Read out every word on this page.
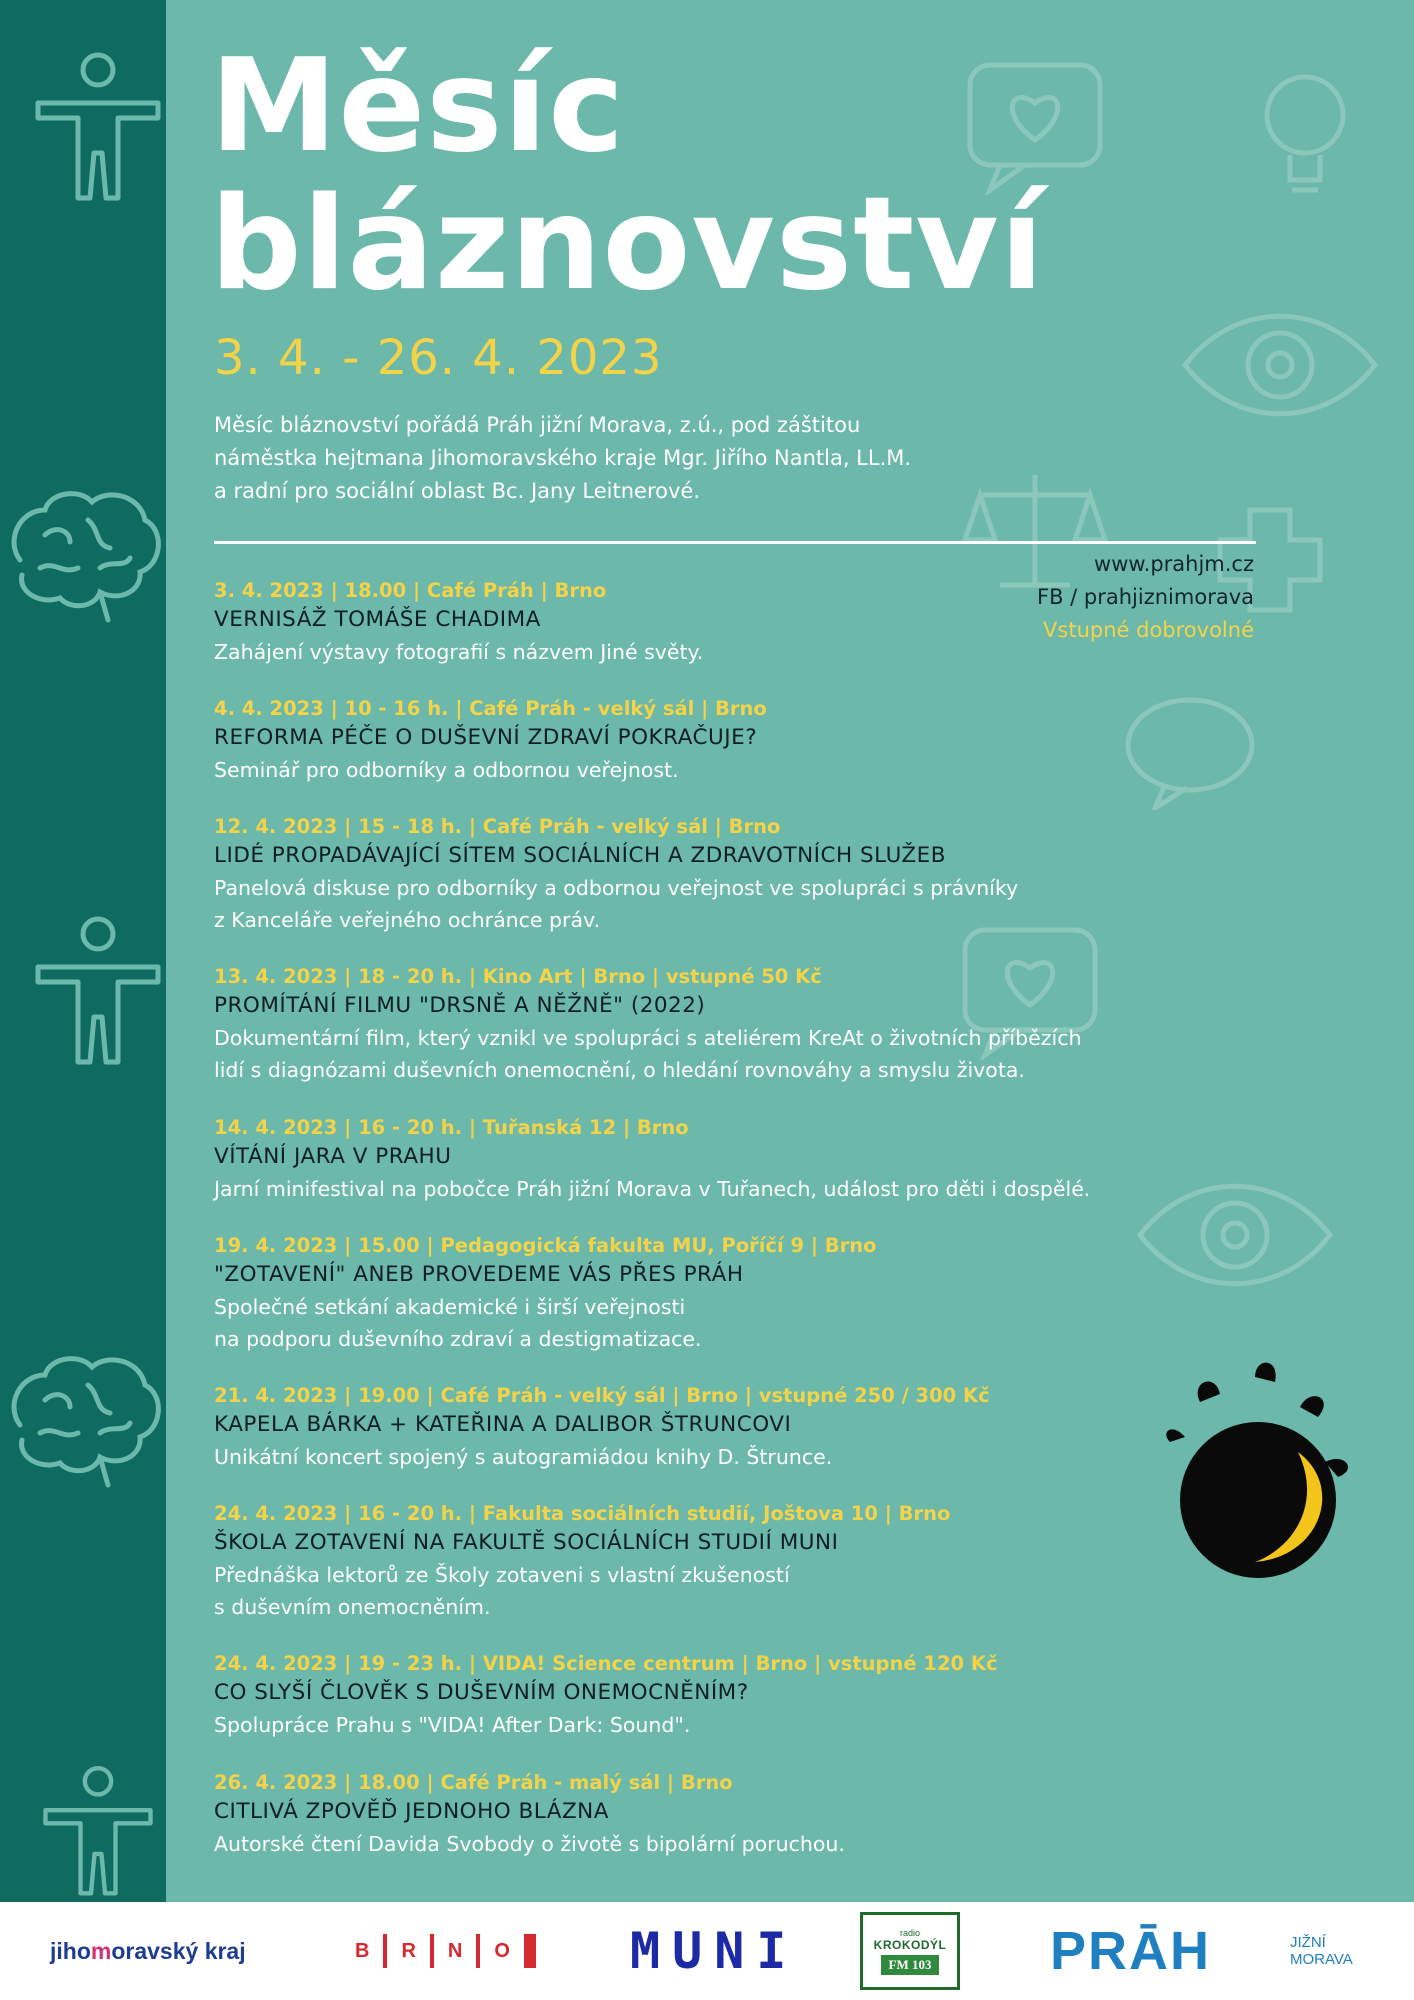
Měsíc
bláznovství
3. 4. - 26. 4. 2023

Měsíc bláznovství pořádá Práh jižní Morava, z.ú., pod záštitou
náměstka hejtmana Jihomoravského kraje Mgr. Jiřího Nantla, LL.M.
a radní pro sociální oblast Bc. Jany Leitnerové.

www.prahjm.cz
FB / prahjiznimorava
Vstupné dobrovolné
3. 4. 2023 | 18.00 | Café Práh | Brno
VERNISÁŽ TOMÁŠE CHADIMA
Zahájení výstavy fotografií s názvem Jiné světy.
4. 4. 2023 | 10 - 16 h. | Café Práh - velký sál | Brno
REFORMA PÉČE O DUŠEVNÍ ZDRAVÍ POKRAČUJE?
Seminář pro odborníky a odbornou veřejnost.
12. 4. 2023 | 15 - 18 h. | Café Práh - velký sál | Brno
LIDÉ PROPADÁVAJÍCÍ SÍTEM SOCIÁLNÍCH A ZDRAVOTNÍCH SLUŽEB
Panelová diskuse pro odborníky a odbornou veřejnost ve spolupráci s právníky
z Kanceláře veřejného ochránce práv.
13. 4. 2023 | 18 - 20 h. | Kino Art | Brno | vstupné 50 Kč
PROMÍTÁNÍ FILMU "DRSNĚ A NĚŽNĚ" (2022)
Dokumentární film, který vznikl ve spolupráci s ateliérem KreAt o životních příbězích
lidí s diagnózami duševních onemocnění, o hledání rovnováhy a smyslu života.
14. 4. 2023 | 16 - 20 h. | Tuřanská 12 | Brno
VÍTÁNÍ JARA V PRAHU
Jarní minifestival na pobočce Práh jižní Morava v Tuřanech, událost pro děti i dospělé.
19. 4. 2023 | 15.00 | Pedagogická fakulta MU, Poříčí 9 | Brno
"ZOTAVENÍ" ANEB PROVEDEME VÁS PŘES PRÁH
Společné setkání akademické i širší veřejnosti
na podporu duševního zdraví a destigmatizace.
21. 4. 2023 | 19.00 | Café Práh - velký sál | Brno | vstupné 250 / 300 Kč
KAPELA BÁRKA + KATEŘINA A DALIBOR ŠTRUNCOVI
Unikátní koncert spojený s autogramiádou knihy D. Štrunce.
24. 4. 2023 | 16 - 20 h. | Fakulta sociálních studií, Joštova 10 | Brno
ŠKOLA ZOTAVENÍ NA FAKULTĚ SOCIÁLNÍCH STUDIÍ MUNI
Přednáška lektorů ze Školy zotaveni s vlastní zkušeností
s duševním onemocněním.
24. 4. 2023 | 19 - 23 h. | VIDA! Science centrum | Brno | vstupné 120 Kč
CO SLYŠÍ ČLOVĚK S DUŠEVNÍM ONEMOCNĚNÍM?
Spolupráce Prahu s "VIDA! After Dark: Sound".
26. 4. 2023 | 18.00 | Café Práh - malý sál | Brno
CITLIVÁ ZPOVĚĎ JEDNOHO BLÁZNA
Autorské čtení Davida Svobody o životě s bipolární poruchou.
jiho m oravský kraj	B R N O MUNI	radio
KROKODÝL
FM 103 PRĀH	JIŽNÍ
MORAVA
